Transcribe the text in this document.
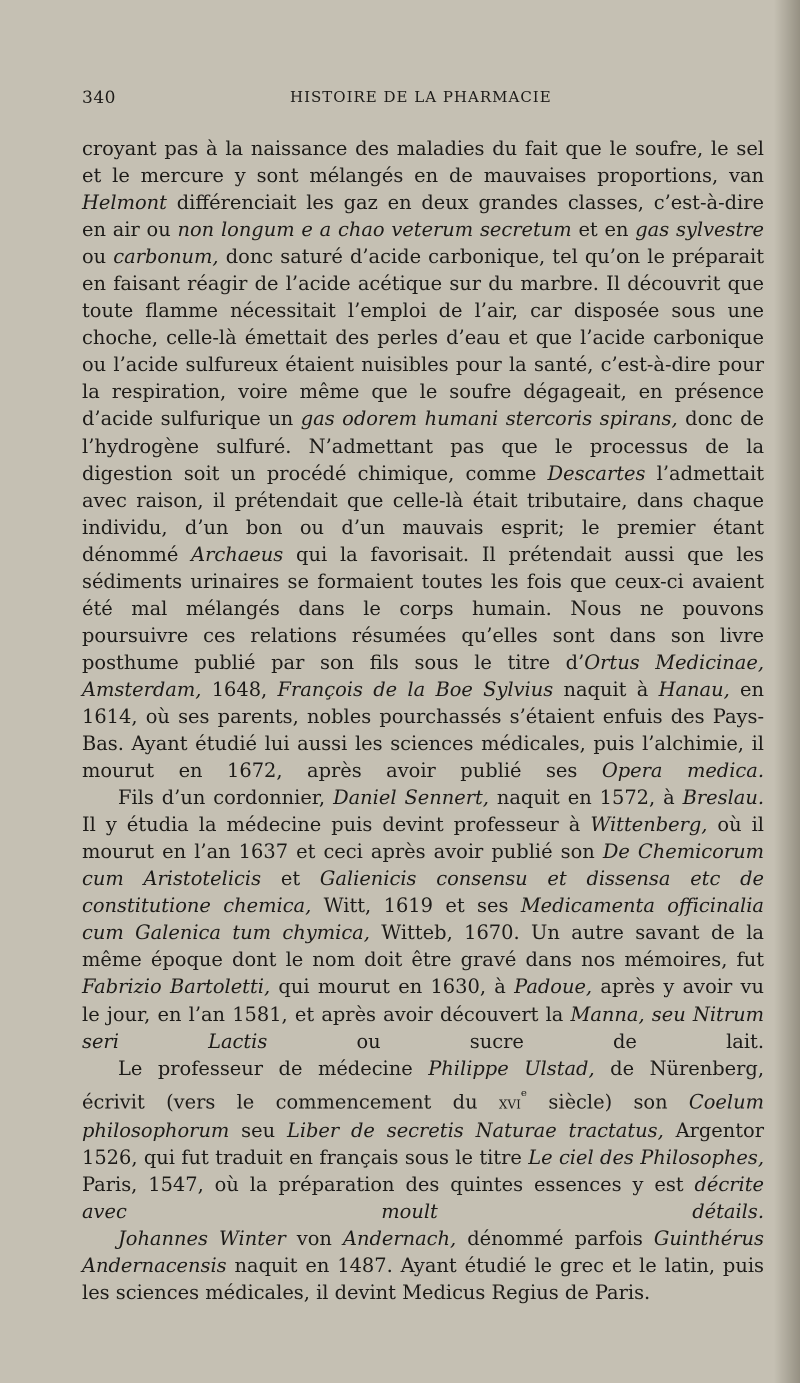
340	HISTOIRE DE LA PHARMACIE

croyant pas à la naissance des maladies du fait que le soufre, le sel et le mercure y sont mélangés en de mauvaises proportions, van Helmont différenciait les gaz en deux grandes classes, c’est-à-dire en air ou non longum e a chao veterum secretum et en gas sylvestre ou carbonum, donc saturé d’acide carbonique, tel qu’on le préparait en faisant réagir de l’acide acétique sur du marbre. Il découvrit que toute flamme nécessitait l’emploi de l’air, car disposée sous une choche, celle-là émettait des perles d’eau et que l’acide carbonique ou l’acide sulfureux étaient nuisibles pour la santé, c’est-à-dire pour la respiration, voire même que le soufre dégageait, en présence d’acide sulfurique un gas odorem humani stercoris spirans, donc de l’hydrogène sulfuré. N’admettant pas que le processus de la digestion soit un procédé chimique, comme Descartes l’admettait avec raison, il prétendait que celle-là était tributaire, dans chaque individu, d’un bon ou d’un mauvais esprit; le premier étant dénommé Archaeus qui la favorisait. Il prétendait aussi que les sédiments urinaires se formaient toutes les fois que ceux-ci avaient été mal mélangés dans le corps humain. Nous ne pouvons poursuivre ces relations résumées qu’elles sont dans son livre posthume publié par son fils sous le titre d’Ortus Medicinae, Amsterdam, 1648, François de la Boe Sylvius naquit à Hanau, en 1614, où ses parents, nobles pourchassés s’étaient enfuis des Pays-Bas. Ayant étudié lui aussi les sciences médicales, puis l’alchimie, il mourut en 1672, après avoir publié ses Opera medica.

Fils d’un cordonnier, Daniel Sennert, naquit en 1572, à Breslau. Il y étudia la médecine puis devint professeur à Wittenberg, où il mourut en l’an 1637 et ceci après avoir publié son De Chemicorum cum Aristotelicis et Galienicis consensu et dissensa etc de constitutione chemica, Witt, 1619 et ses Medicamenta officinalia cum Galenica tum chymica, Witteb, 1670. Un autre savant de la même époque dont le nom doit être gravé dans nos mémoires, fut Fabrizio Bartoletti, qui mourut en 1630, à Padoue, après y avoir vu le jour, en l’an 1581, et après avoir découvert la Manna, seu Nitrum seri Lactis ou sucre de lait.

Le professeur de médecine Philippe Ulstad, de Nürenberg, écrivit (vers le commencement du xvi$^ᵉ$ siècle) son Coelum philosophorum seu Liber de secretis Naturae tractatus, Argentor 1526, qui fut traduit en français sous le titre Le ciel des Philosophes, Paris, 1547, où la préparation des quintes essences y est décrite avec moult détails.

Johannes Winter von Andernach, dénommé parfois Guinthérus Andernacensis naquit en 1487. Ayant étudié le grec et le latin, puis les sciences médicales, il devint Medicus Regius de Paris.
